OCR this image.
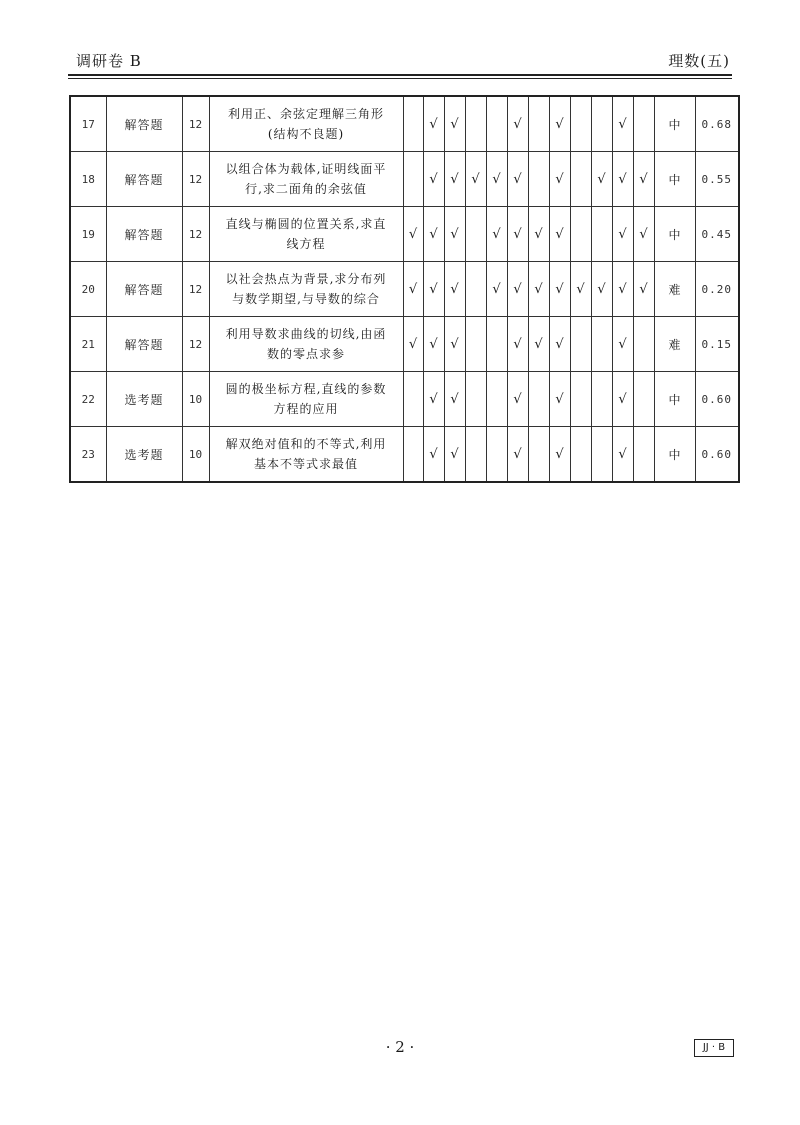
调研卷 B	理数(五)
17	解答题	12	利用正、余弦定理解三角形
(结构不良题)		√	√			√		√			√		中	0.68
18	解答题	12	以组合体为载体,证明线面平
行,求二面角的余弦值		√	√	√	√	√		√		√	√	√	中	0.55
19	解答题	12	直线与椭圆的位置关系,求直
线方程	√	√	√		√	√	√	√			√	√	中	0.45
20	解答题	12	以社会热点为背景,求分布列
与数学期望,与导数的综合	√	√	√		√	√	√	√	√	√	√	√	难	0.20
21	解答题	12	利用导数求曲线的切线,由函
数的零点求参	√	√	√			√	√	√			√		难	0.15
22	选考题	10	圆的极坐标方程,直线的参数
方程的应用		√	√			√		√			√		中	0.60
23	选考题	10	解双绝对值和的不等式,利用
基本不等式求最值		√	√			√		√			√		中	0.60
· 2 ·	JJ · B
